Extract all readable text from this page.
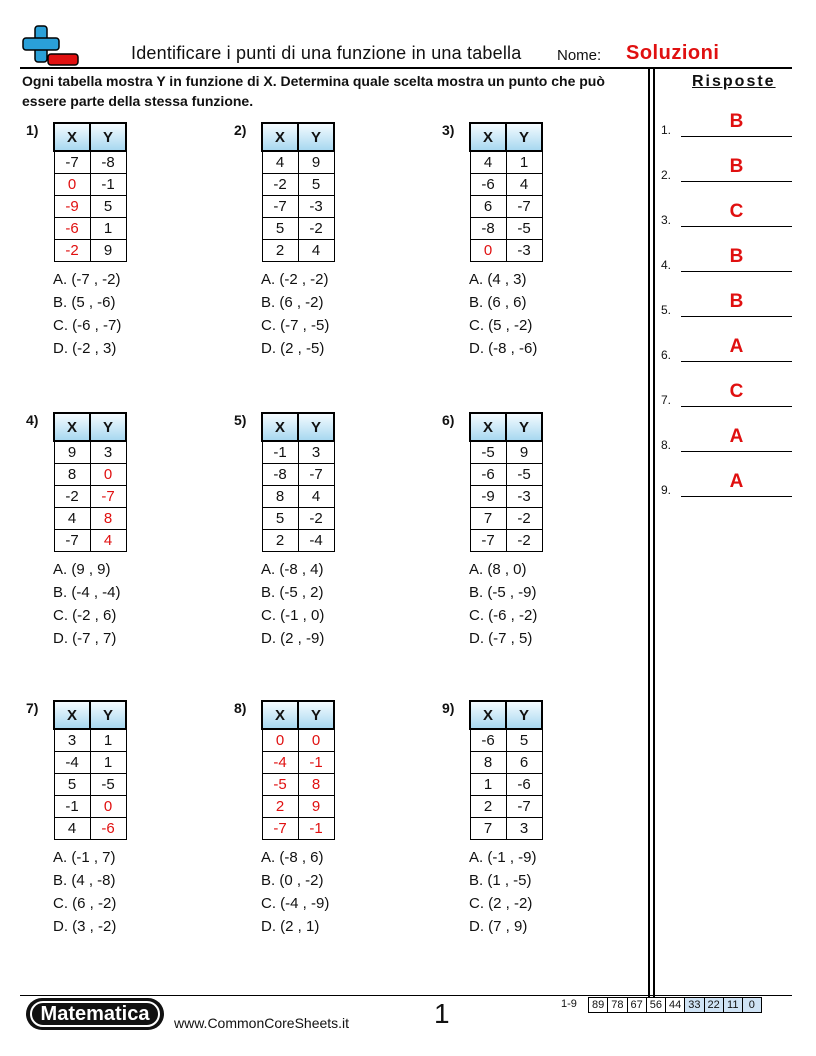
Identificare i punti di una funzione in una tabella Nome: Soluzioni
Ogni tabella mostra Y in funzione di X. Determina quale scelta mostra un punto che può essere parte della stessa funzione.
Risposte
1.	B
2.	B
3.	C
4.	B
5.	B
6.	A
7.	C
8.	A
9.	A
1) X	Y
-7	-8
0	-1
-9	5
-6	1
-2	9
A. (-7 , -2)
B. (5 , -6)
C. (-6 , -7)
D. (-2 , 3)
2) X	Y
4	9
-2	5
-7	-3
5	-2
2	4
A. (-2 , -2)
B. (6 , -2)
C. (-7 , -5)
D. (2 , -5)
3) X	Y
4	1
-6	4
6	-7
-8	-5
0	-3
A. (4 , 3)
B. (6 , 6)
C. (5 , -2)
D. (-8 , -6)
4) X	Y
9	3
8	0
-2	-7
4	8
-7	4
A. (9 , 9)
B. (-4 , -4)
C. (-2 , 6)
D. (-7 , 7)
5) X	Y
-1	3
-8	-7
8	4
5	-2
2	-4
A. (-8 , 4)
B. (-5 , 2)
C. (-1 , 0)
D. (2 , -9)
6) X	Y
-5	9
-6	-5
-9	-3
7	-2
-7	-2
A. (8 , 0)
B. (-5 , -9)
C. (-6 , -2)
D. (-7 , 5)
7) X	Y
3	1
-4	1
5	-5
-1	0
4	-6
A. (-1 , 7)
B. (4 , -8)
C. (6 , -2)
D. (3 , -2)
8) X	Y
0	0
-4	-1
-5	8
2	9
-7	-1
A. (-8 , 6)
B. (0 , -2)
C. (-4 , -9)
D. (2 , 1)
9) X	Y
-6	5
8	6
1	-6
2	-7
7	3
A. (-1 , -9)
B. (1 , -5)
C. (2 , -2)
D. (7 , 9)
Matematica	www.CommonCoreSheets.it	1	1-9 89	78	67	56	44	33	22	11	0
